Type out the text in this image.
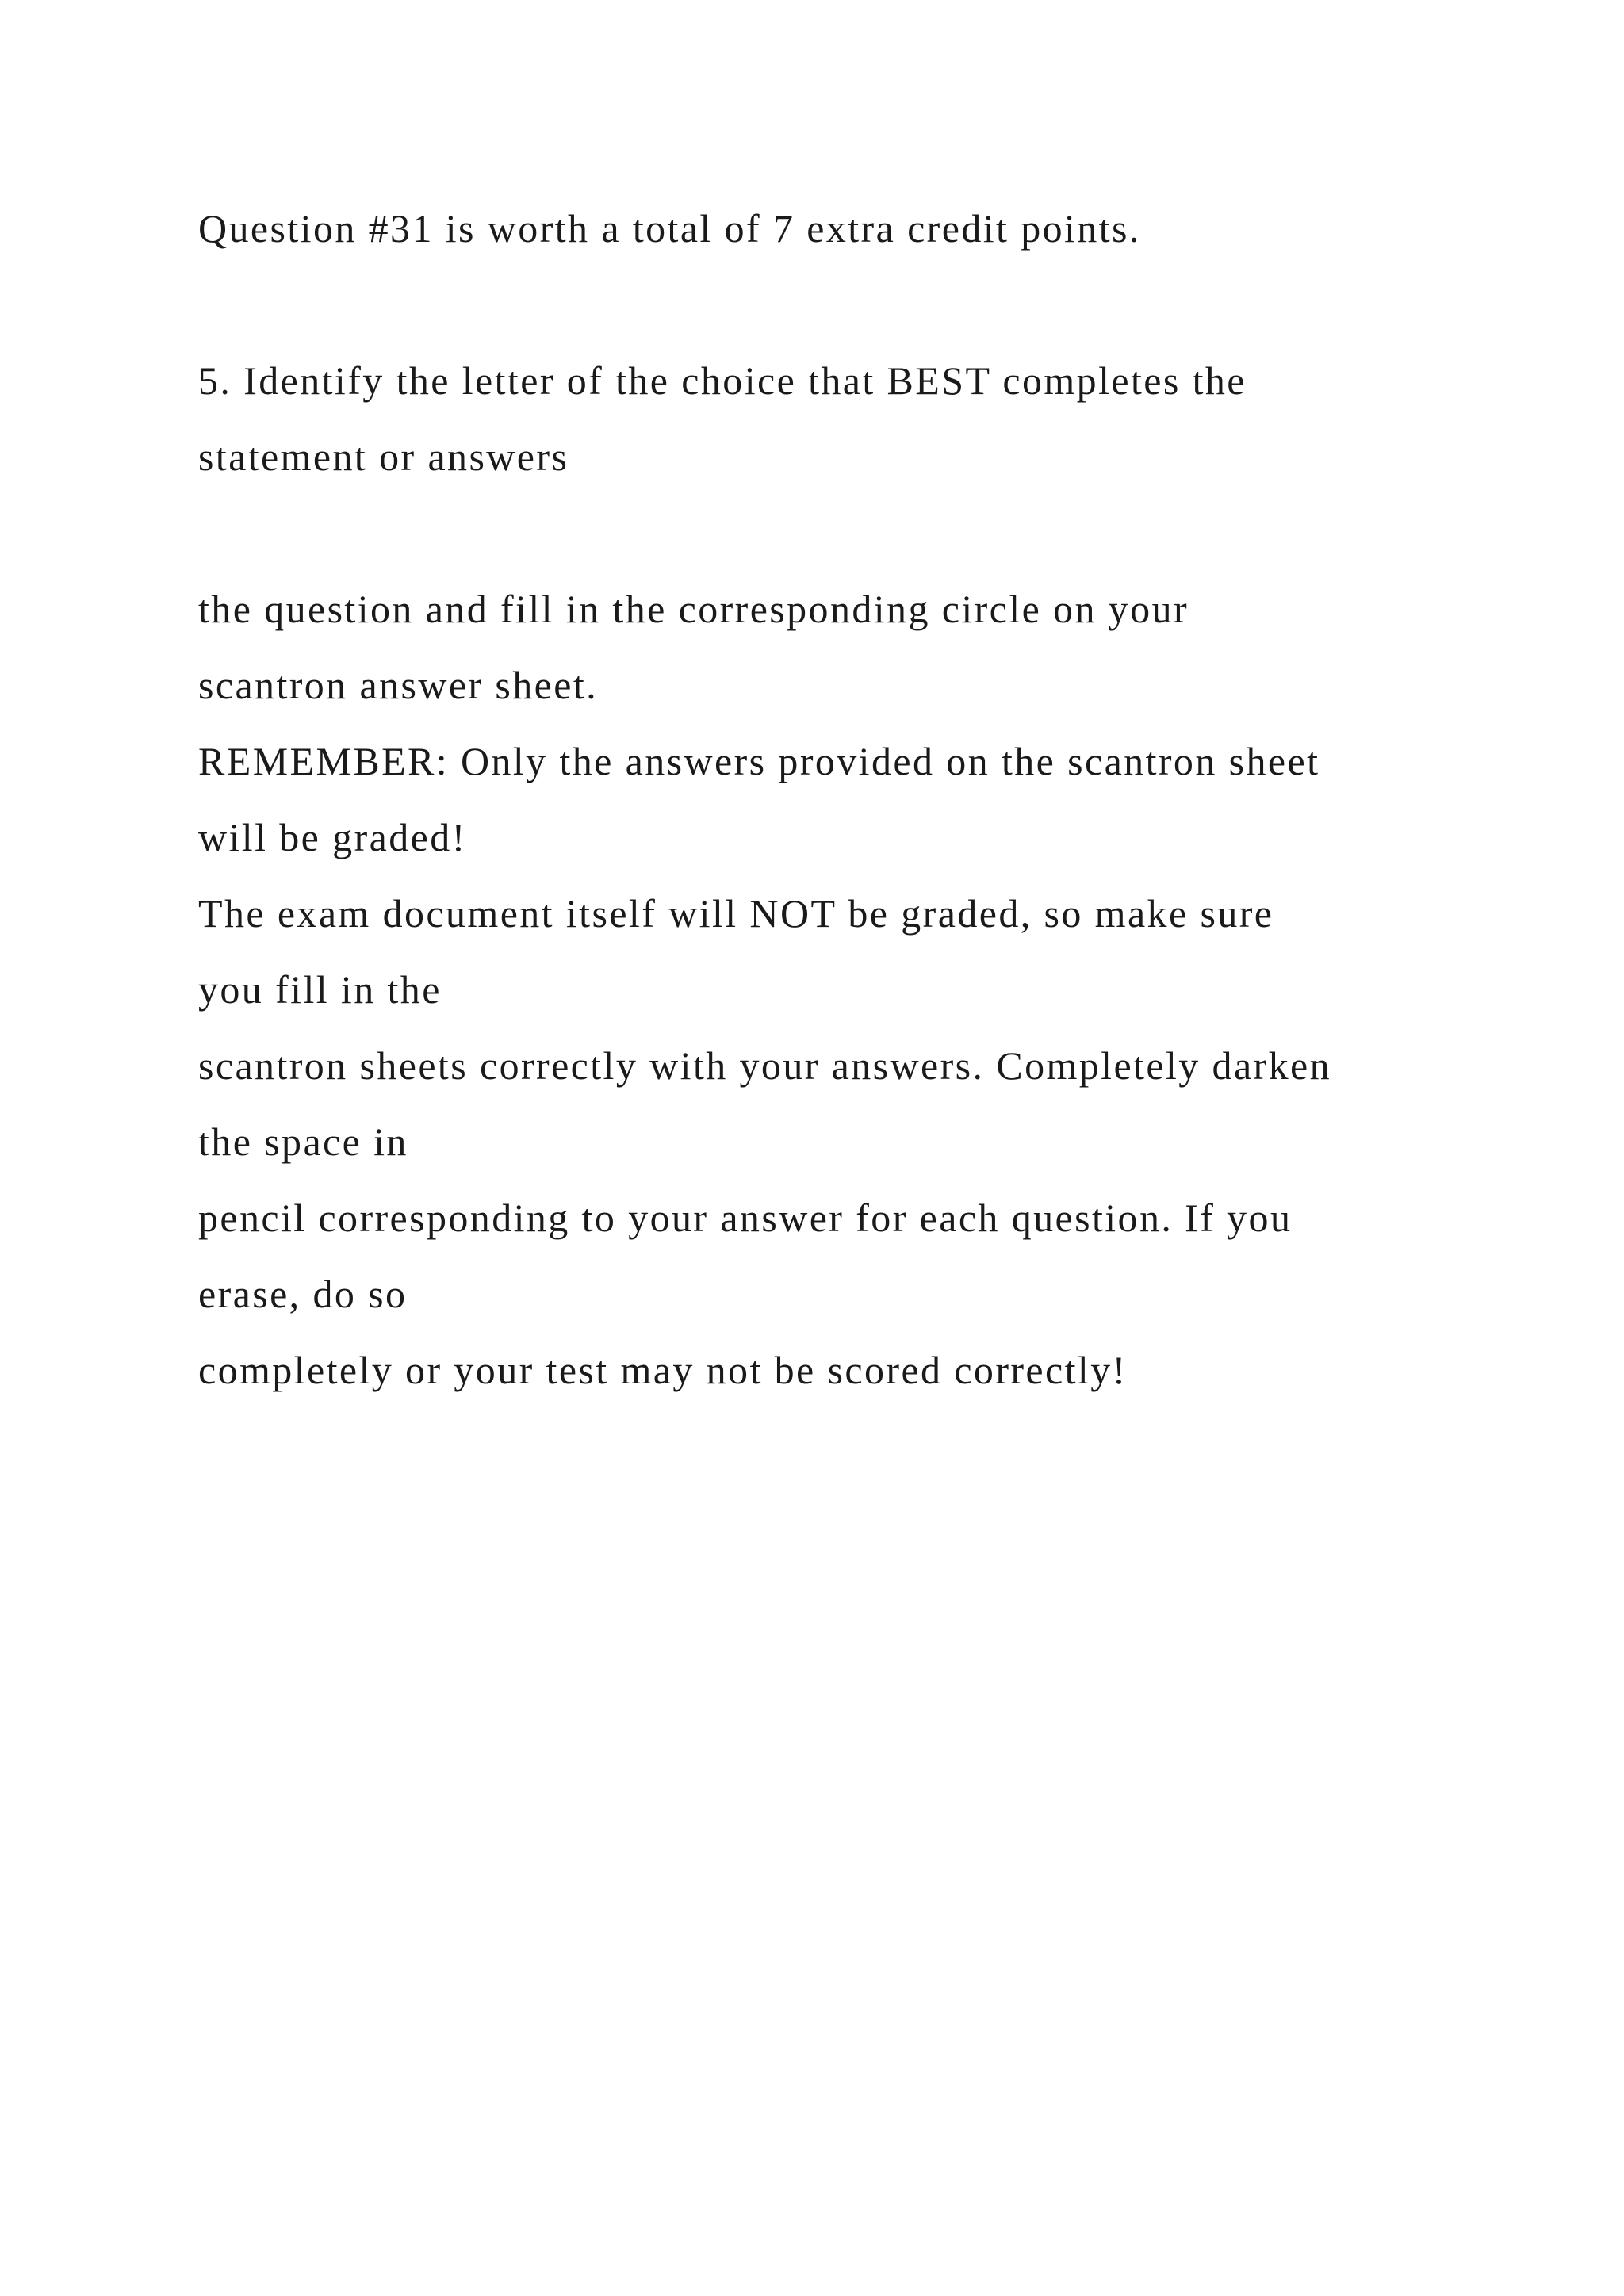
Question #31 is worth a total of 7 extra credit points.
5. Identify the letter of the choice that BEST completes the
statement or answers
the question and fill in the corresponding circle on your
scantron answer sheet.
REMEMBER: Only the answers provided on the scantron sheet
will be graded!
The exam document itself will NOT be graded, so make sure
you fill in the
scantron sheets correctly with your answers. Completely darken
the space in
pencil corresponding to your answer for each question. If you
erase, do so
completely or your test may not be scored correctly!
